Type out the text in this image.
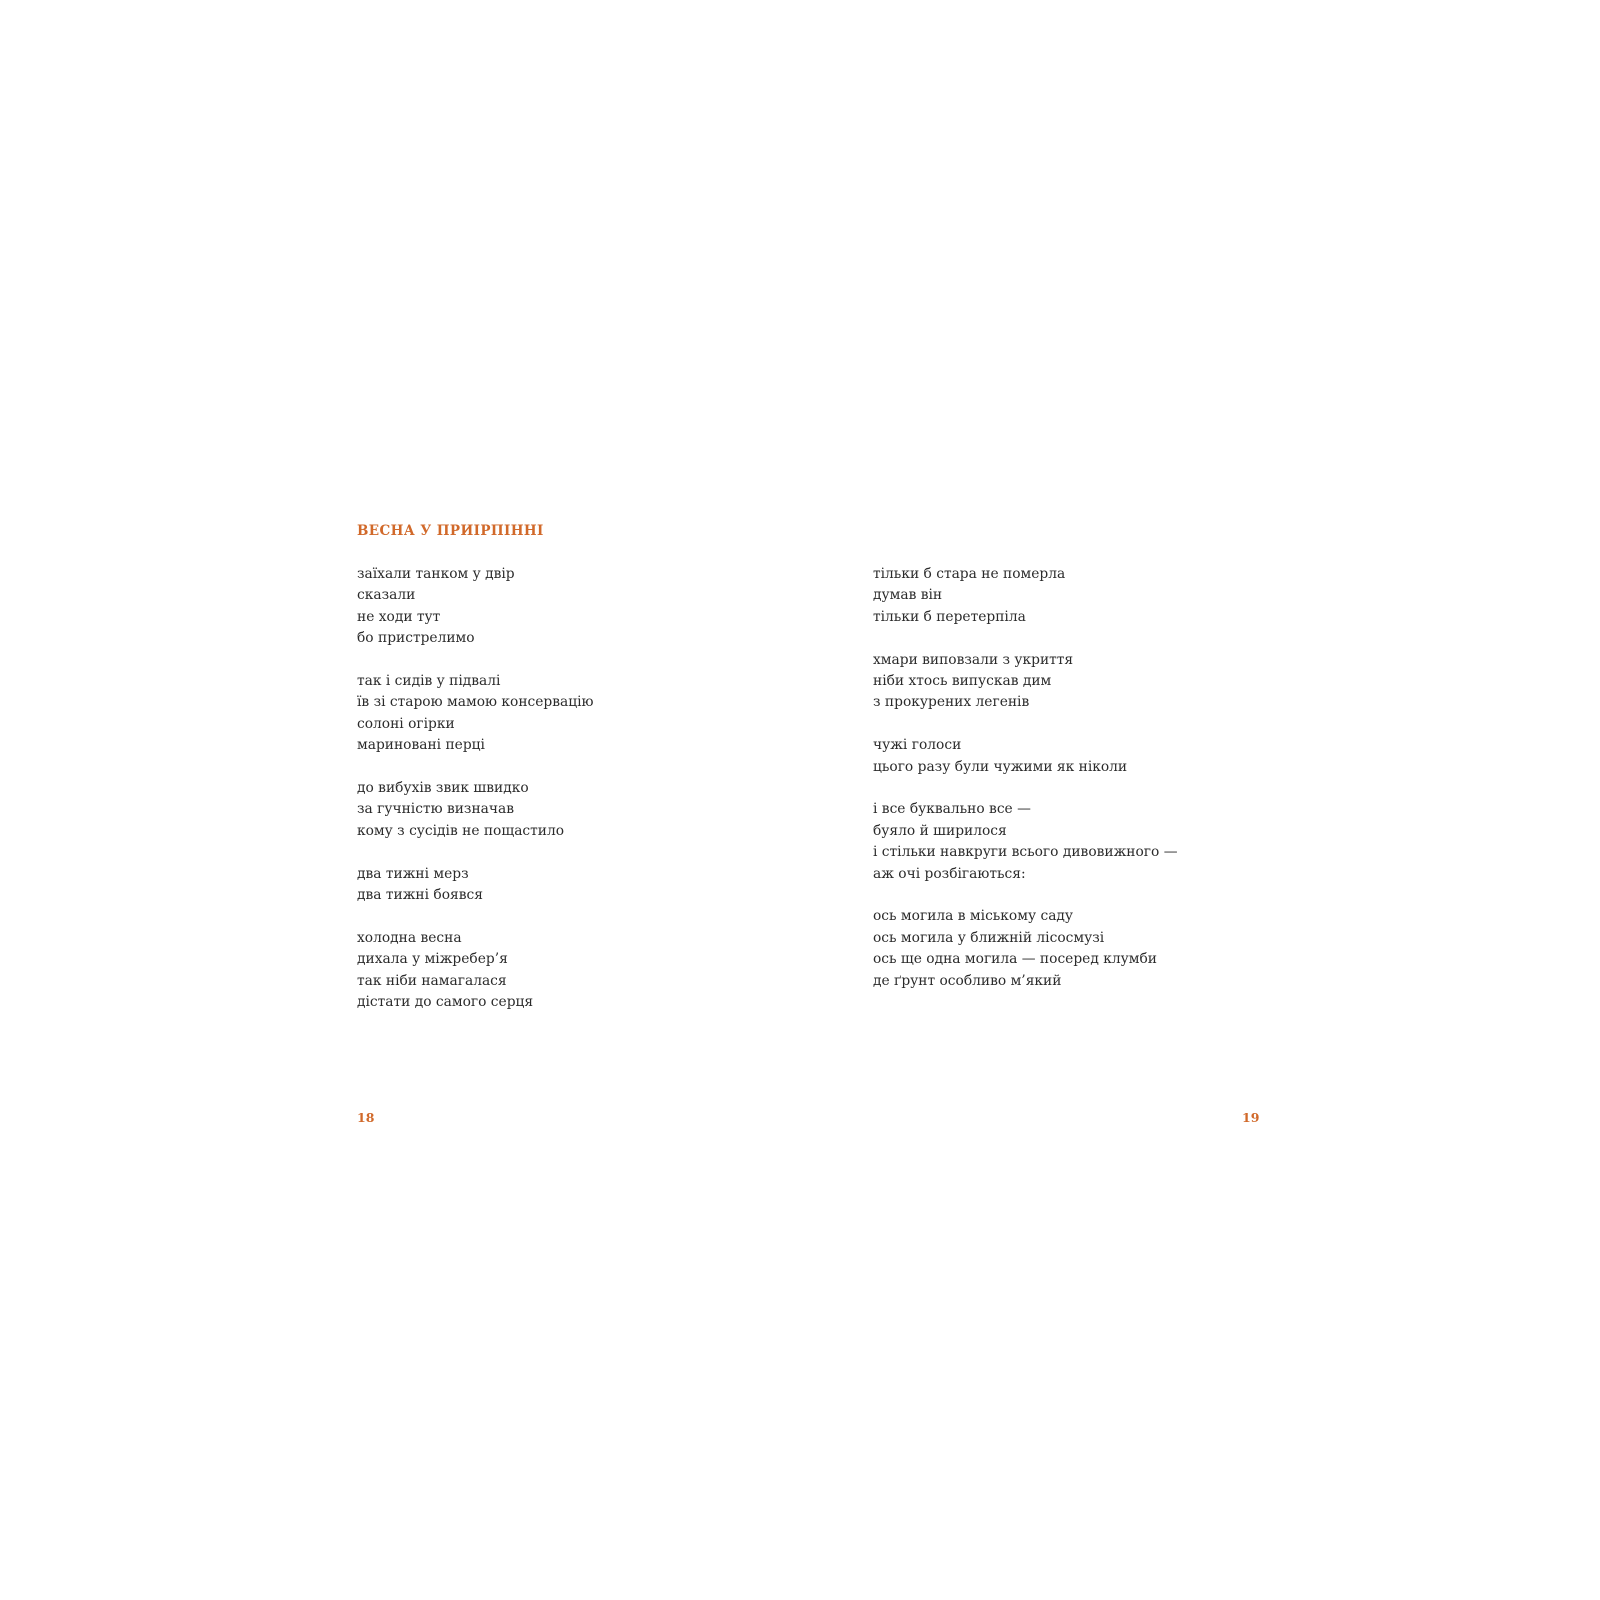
ВЕСНА У ПРИІРПІННІ
заїхали танком у двір
сказали
не ходи тут
бо пристрелимо
так і сидів у підвалі
їв зі старою мамою консервацію
солоні огірки
мариновані перці
до вибухів звик швидко
за гучністю визначав
кому з сусідів не пощастило
два тижні мерз
два тижні боявся
холодна весна
дихала у міжребер’я
так ніби намагалася
дістати до самого серця
тільки б стара не померла
думав він
тільки б перетерпіла
хмари виповзали з укриття
ніби хтось випускав дим
з прокурених легенів
чужі голоси
цього разу були чужими як ніколи
і все буквально все —
буяло й ширилося
і стільки навкруги всього дивовижного —
аж очі розбігаються:
ось могила в міському саду
ось могила у ближній лісосмузі
ось ще одна могила — посеред клумби
де ґрунт особливо м’який
18	19
